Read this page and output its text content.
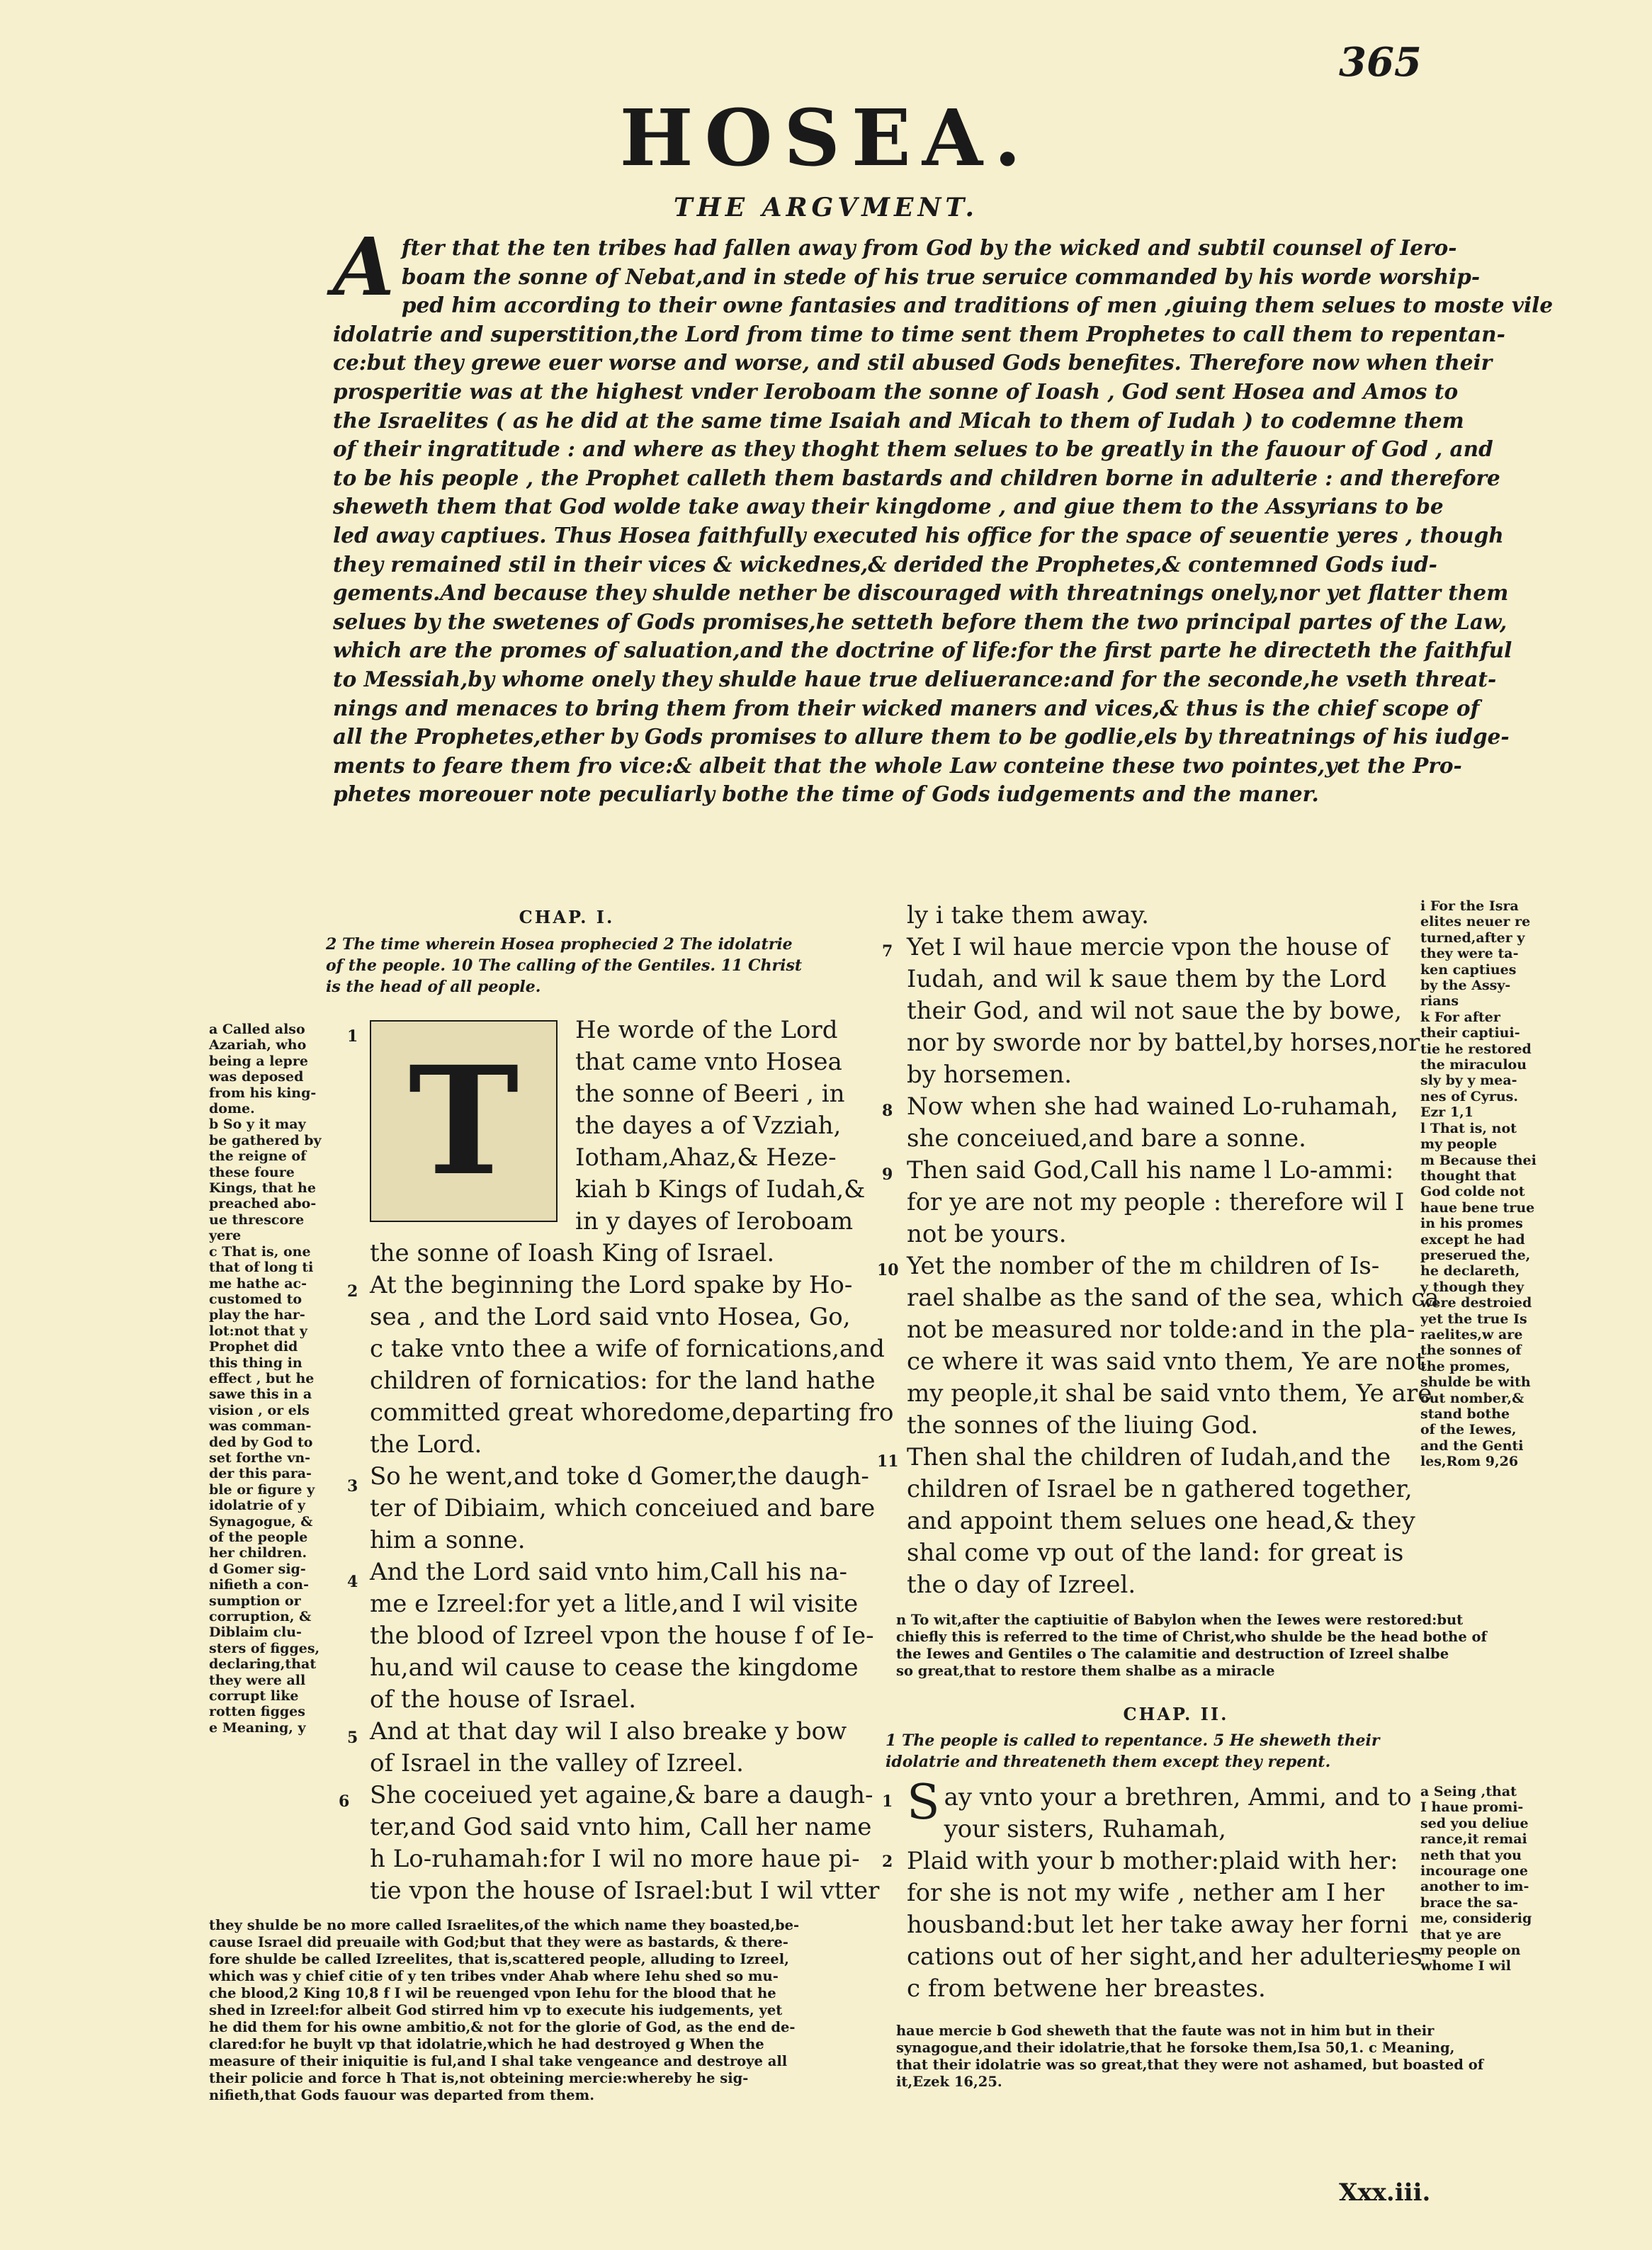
365
HOSEA.
THE ARGVMENT.
A fter that the ten tribes had fallen away from God by the wicked and subtil counsel of Iero-
boam the sonne of Nebat,and in stede of his true seruice commanded by his worde worship-
ped him according to their owne fantasies and traditions of men ,giuing them selues to moste vile
idolatrie and superstition,the Lord from time to time sent them Prophetes to call them to repentan-
ce:but they grewe euer worse and worse, and stil abused Gods benefites. Therefore now when their
prosperitie was at the highest vnder Ieroboam the sonne of Ioash , God sent Hosea and Amos to
the Israelites ( as he did at the same time Isaiah and Micah to them of Iudah ) to codemne them
of their ingratitude : and where as they thoght them selues to be greatly in the fauour of God , and
to be his people , the Prophet calleth them bastards and children borne in adulterie : and therefore
sheweth them that God wolde take away their kingdome , and giue them to the Assyrians to be
led away captiues. Thus Hosea faithfully executed his office for the space of seuentie yeres , though
they remained stil in their vices & wickednes,& derided the Prophetes,& contemned Gods iud-
gements.And because they shulde nether be discouraged with threatnings onely,nor yet flatter them
selues by the swetenes of Gods promises,he setteth before them the two principal partes of the Law,
which are the promes of saluation,and the doctrine of life:for the first parte he directeth the faithful
to Messiah,by whome onely they shulde haue true deliuerance:and for the seconde,he vseth threat-
nings and menaces to bring them from their wicked maners and vices,& thus is the chief scope of
all the Prophetes,ether by Gods promises to allure them to be godlie,els by threatnings of his iudge-
ments to feare them fro vice:& albeit that the whole Law conteine these two pointes,yet the Pro-
phetes moreouer note peculiarly bothe the time of Gods iudgements and the maner.
CHAP. I.
2 The time wherein Hosea prophecied 2 The idolatrie
of the people. 10 The calling of the Gentiles. 11 Christ
is the head of all people.
a Called also
Azariah, who
being a lepre
was deposed
from his king-
dome.
b So y it may
be gathered by
the reigne of
these foure
Kings, that he
preached abo-
ue threscore
yere
c That is, one
that of long ti
me hathe ac-
customed to
play the har-
lot:not that y
Prophet did
this thing in
effect , but he
sawe this in a
vision , or els
was comman-
ded by God to
set forthe vn-
der this para-
ble or figure y
idolatrie of y
Synagogue, &
of the people
her children.
d Gomer sig-
nifieth a con-
sumption or
corruption, &
Diblaim clu-
sters of figges,
declaring,that
they were all
corrupt like
rotten figges
e Meaning, y
T
He worde of the Lord
that came vnto Hosea
the sonne of Beeri , in
the dayes a of Vzziah,
Iotham,Ahaz,& Heze-
kiah b Kings of Iudah,&
in y dayes of Ieroboam
the sonne of Ioash King of Israel.
At the beginning the Lord spake by Ho-
sea , and the Lord said vnto Hosea, Go,
c take vnto thee a wife of fornications,and
children of fornicatios: for the land hathe
committed great whoredome,departing fro
the Lord.
So he went,and toke d Gomer,the daugh-
ter of Dibiaim, which conceiued and bare
him a sonne.
And the Lord said vnto him,Call his na-
me e Izreel:for yet a litle,and I wil visite
the blood of Izreel vpon the house f of Ie-
hu,and wil cause to cease the kingdome
of the house of Israel.
And at that day wil I also breake y bow
of Israel in the valley of Izreel.
She coceiued yet againe,& bare a daugh-
ter,and God said vnto him, Call her name
h Lo-ruhamah:for I wil no more haue pi-
tie vpon the house of Israel:but I wil vtter
1
2
3
4
5
6
they shulde be no more called Israelites,of the which name they boasted,be-
cause Israel did preuaile with God;but that they were as bastards, & there-
fore shulde be called Izreelites, that is,scattered people, alluding to Izreel,
which was y chief citie of y ten tribes vnder Ahab where Iehu shed so mu-
che blood,2 King 10,8 f I wil be reuenged vpon Iehu for the blood that he
shed in Izreel:for albeit God stirred him vp to execute his iudgements, yet
he did them for his owne ambitio,& not for the glorie of God, as the end de-
clared:for he buylt vp that idolatrie,which he had destroyed g When the
measure of their iniquitie is ful,and I shal take vengeance and destroye all
their policie and force h That is,not obteining mercie:whereby he sig-
nifieth,that Gods fauour was departed from them.
ly i take them away.
Yet I wil haue mercie vpon the house of
Iudah, and wil k saue them by the Lord
their God, and wil not saue the by bowe,
nor by sworde nor by battel,by horses,nor
by horsemen.
Now when she had wained Lo-ruhamah,
she conceiued,and bare a sonne.
Then said God,Call his name l Lo-ammi:
for ye are not my people : therefore wil I
not be yours.
Yet the nomber of the m children of Is-
rael shalbe as the sand of the sea, which ca
not be measured nor tolde:and in the pla-
ce where it was said vnto them, Ye are not
my people,it shal be said vnto them, Ye are
the sonnes of the liuing God.
Then shal the children of Iudah,and the
children of Israel be n gathered together,
and appoint them selues one head,& they
shal come vp out of the land: for great is
the o day of Izreel.
7
8
9
10
11
i For the Isra
elites neuer re
turned,after y
they were ta-
ken captiues
by the Assy-
rians
k For after
their captiui-
tie he restored
the miraculou
sly by y mea-
nes of Cyrus.
Ezr 1,1
l That is, not
my people
m Because thei
thought that
God colde not
haue bene true
in his promes
except he had
preserued the,
he declareth,
y though they
were destroied
yet the true Is
raelites,w are
the sonnes of
the promes,
shulde be with
out nomber,&
stand bothe
of the Iewes,
and the Genti
les,Rom 9,26
n To wit,after the captiuitie of Babylon when the Iewes were restored:but
chiefly this is referred to the time of Christ,who shulde be the head bothe of
the Iewes and Gentiles o The calamitie and destruction of Izreel shalbe
so great,that to restore them shalbe as a miracle
CHAP. II.
1 The people is called to repentance. 5 He sheweth their
idolatrie and threateneth them except they repent.
S ay vnto your a brethren, Ammi, and to
your sisters, Ruhamah,
Plaid with your b mother:plaid with her:
for she is not my wife , nether am I her
housband:but let her take away her forni
cations out of her sight,and her adulteries
c from betwene her breastes.
1
2
a Seing ,that
I haue promi-
sed you deliue
rance,it remai
neth that you
incourage one
another to im-
brace the sa-
me, considerig
that ye are
my people on
whome I wil
haue mercie b God sheweth that the faute was not in him but in their
synagogue,and their idolatrie,that he forsoke them,Isa 50,1. c Meaning,
that their idolatrie was so great,that they were not ashamed, but boasted of
it,Ezek 16,25.
Xxx.iii.
